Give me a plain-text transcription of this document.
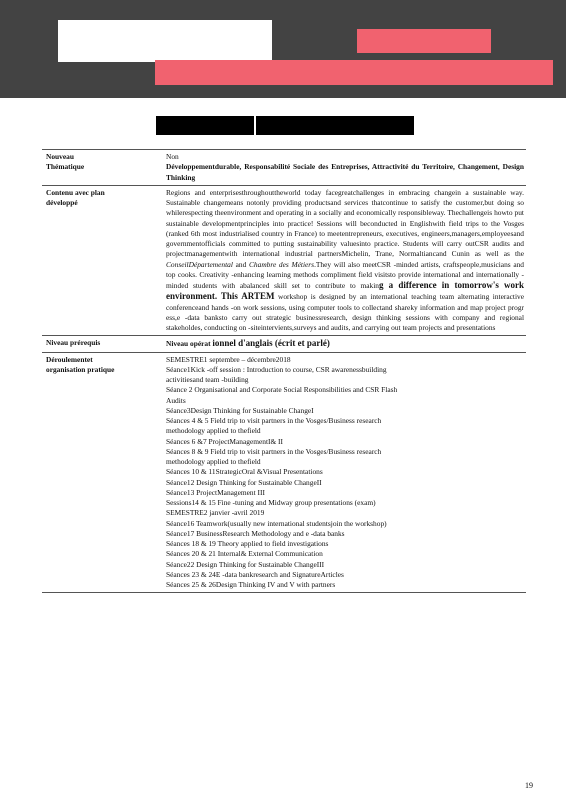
Nouveau
Thématique
Non
Développementdurable, Responsabilité Sociale des Entreprises, Attractivité du Territoire, Changement, Design Thinking
Contenu avec plan
développé

Regions and enterprisesthroughouttheworld today facegreatchallenges in embracing changein a sustainable way. Sustainable changemeans notonly providing productsand services thatcontinue to satisfy the customer,but doing so whilerespecting theenvironment and operating in a socially and economically responsibleway. Thechallengeis howto put sustainable developmentprinciples into practice! Sessions will beconducted in Englishwith field trips to the Vosges (ranked 6th most industrialised country in France) to meetentrepreneurs, executives, engineers,managers,employeesand governmentofficials committed to putting sustainability valuesinto practice. Students will carry outCSR audits and projectmanagementwith international industrial partnersMichelin, Trane, Normaltiancand Cunin as well as the ConseilDépartemental and Chambre des Métiers.They will also meetCSR -minded artists, craftspeople,musicians and top cooks. Creativity -enhancing learning methods compliment field visitsto provide international and internationally -minded students with abalanced skill set to contribute to making a difference in tomorrow's work environment. This ARTEM workshop is designed by an international teaching team alternating interactive conferenceand hands -on work sessions, using computer tools to collectand shareky information and map project progr ess,e -data banksto carry out strategic businessresearch, design thinking sessions with company and regional stakeholdes, conducting on -siteintervients,surveys and audits, and carrying out team projects and presentations

Niveau prérequis	Niveau opérat ionnel d'anglais (écrit et parlé)
Déroulementet
organisation pratique
SEMESTRE1 septembre – décembre2018
Séance1Kick -off session : Introduction to course, CSR awarenessbuilding
activitiesand team -building
Séance 2 Organisational and Corporate Social Responsibilities and CSR Flash
Audits
Séance3Design Thinking for Sustainable ChangeI
Séances 4 & 5 Field trip to visit partners in the Vosges/Business research
methodology applied to thefield
Séances 6 &7 ProjectManagementI& II
Séances 8 & 9 Field trip to visit partners in the Vosges/Business research
methodology applied to thefield
Séances 10 & 11StrategicOral &Visual Presentations
Séance12 Design Thinking for Sustainable ChangeII
Séance13 ProjectManagement III
Sessions14 & 15 Fine -tuning and Midway group presentations (exam)
SEMESTRE2 janvier -avril 2019
Séance16 Teamwork(usually new international studentsjoin the workshop)
Séance17 BusinessResearch Methodology and e -data banks
Séances 18 & 19 Theory applied to field investigations
Séances 20 & 21 Internal& External Communication
Séance22 Design Thinking for Sustainable ChangeIII
Séances 23 & 24E -data bankresearch and SignatureArticles
Séances 25 & 26Design Thinking IV and V with partners
19
